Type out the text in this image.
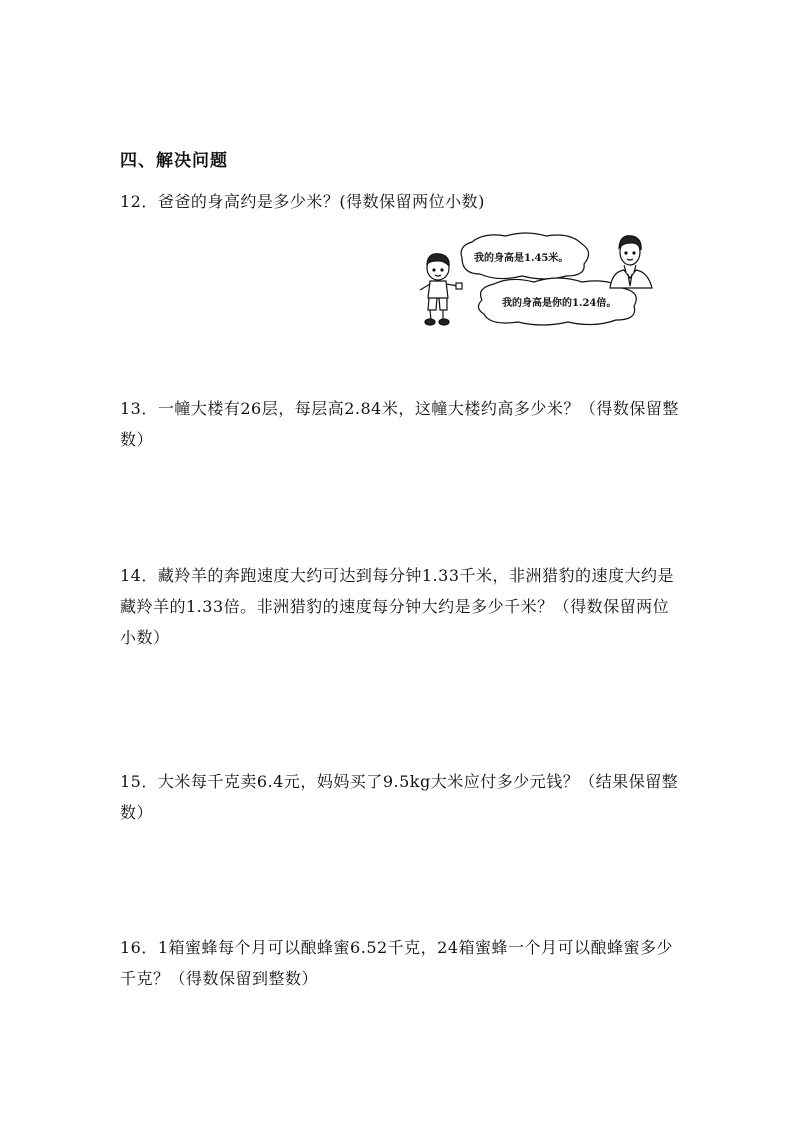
四、解决问题
12．爸爸的身高约是多少米？(得数保留两位小数)
我的身高是1.45米。
我的身高是你的1.24倍。
13．一幢大楼有26层，每层高2.84米，这幢大楼约高多少米？（得数保留整数）
14．藏羚羊的奔跑速度大约可达到每分钟1.33千米，非洲猎豹的速度大约是藏羚羊的1.33倍。非洲猎豹的速度每分钟大约是多少千米？（得数保留两位小数）
15．大米每千克卖6.4元，妈妈买了9.5kg大米应付多少元钱？（结果保留整数）
16．1箱蜜蜂每个月可以酿蜂蜜6.52千克，24箱蜜蜂一个月可以酿蜂蜜多少千克？（得数保留到整数）
